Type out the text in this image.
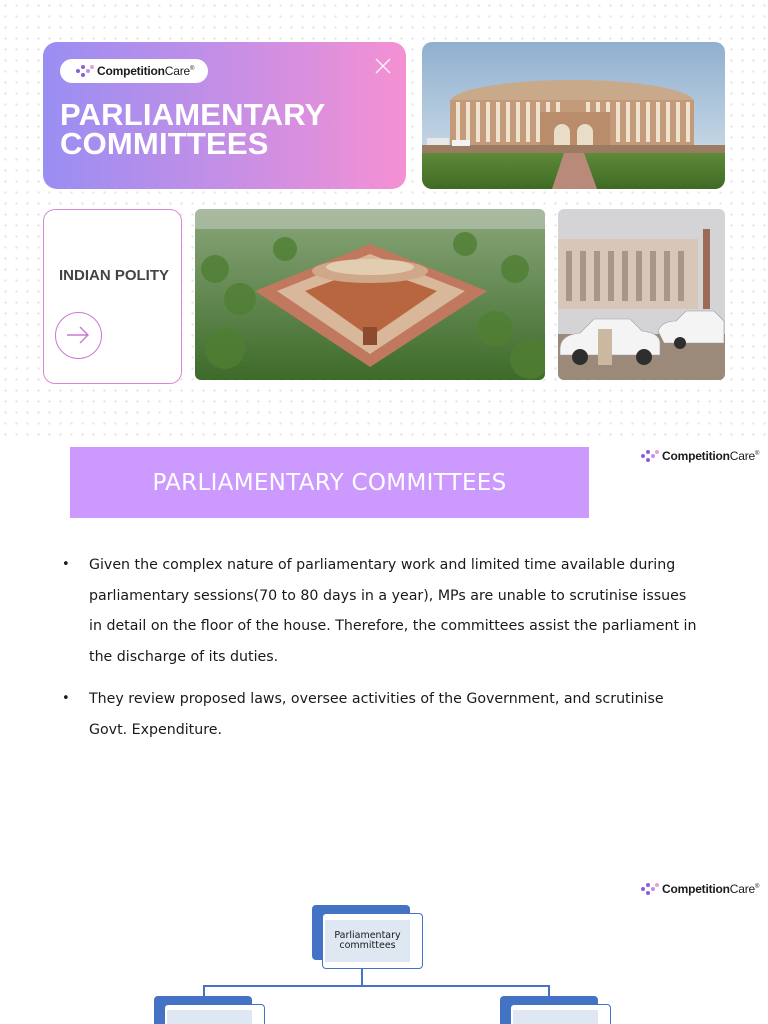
CompetitionCare®
PARLIAMENTARY COMMITTEES
INDIAN POLITY
CompetitionCare®
PARLIAMENTARY COMMITTEES
• Given the complex nature of parliamentary work and limited time available during parliamentary sessions(70 to 80 days in a year), MPs are unable to scrutinise issues in detail on the floor of the house. Therefore, the committees assist the parliament in the discharge of its duties.
• They review proposed laws, oversee activities of the Government, and scrutinise Govt. Expenditure.
CompetitionCare®
Parliamentary committees
